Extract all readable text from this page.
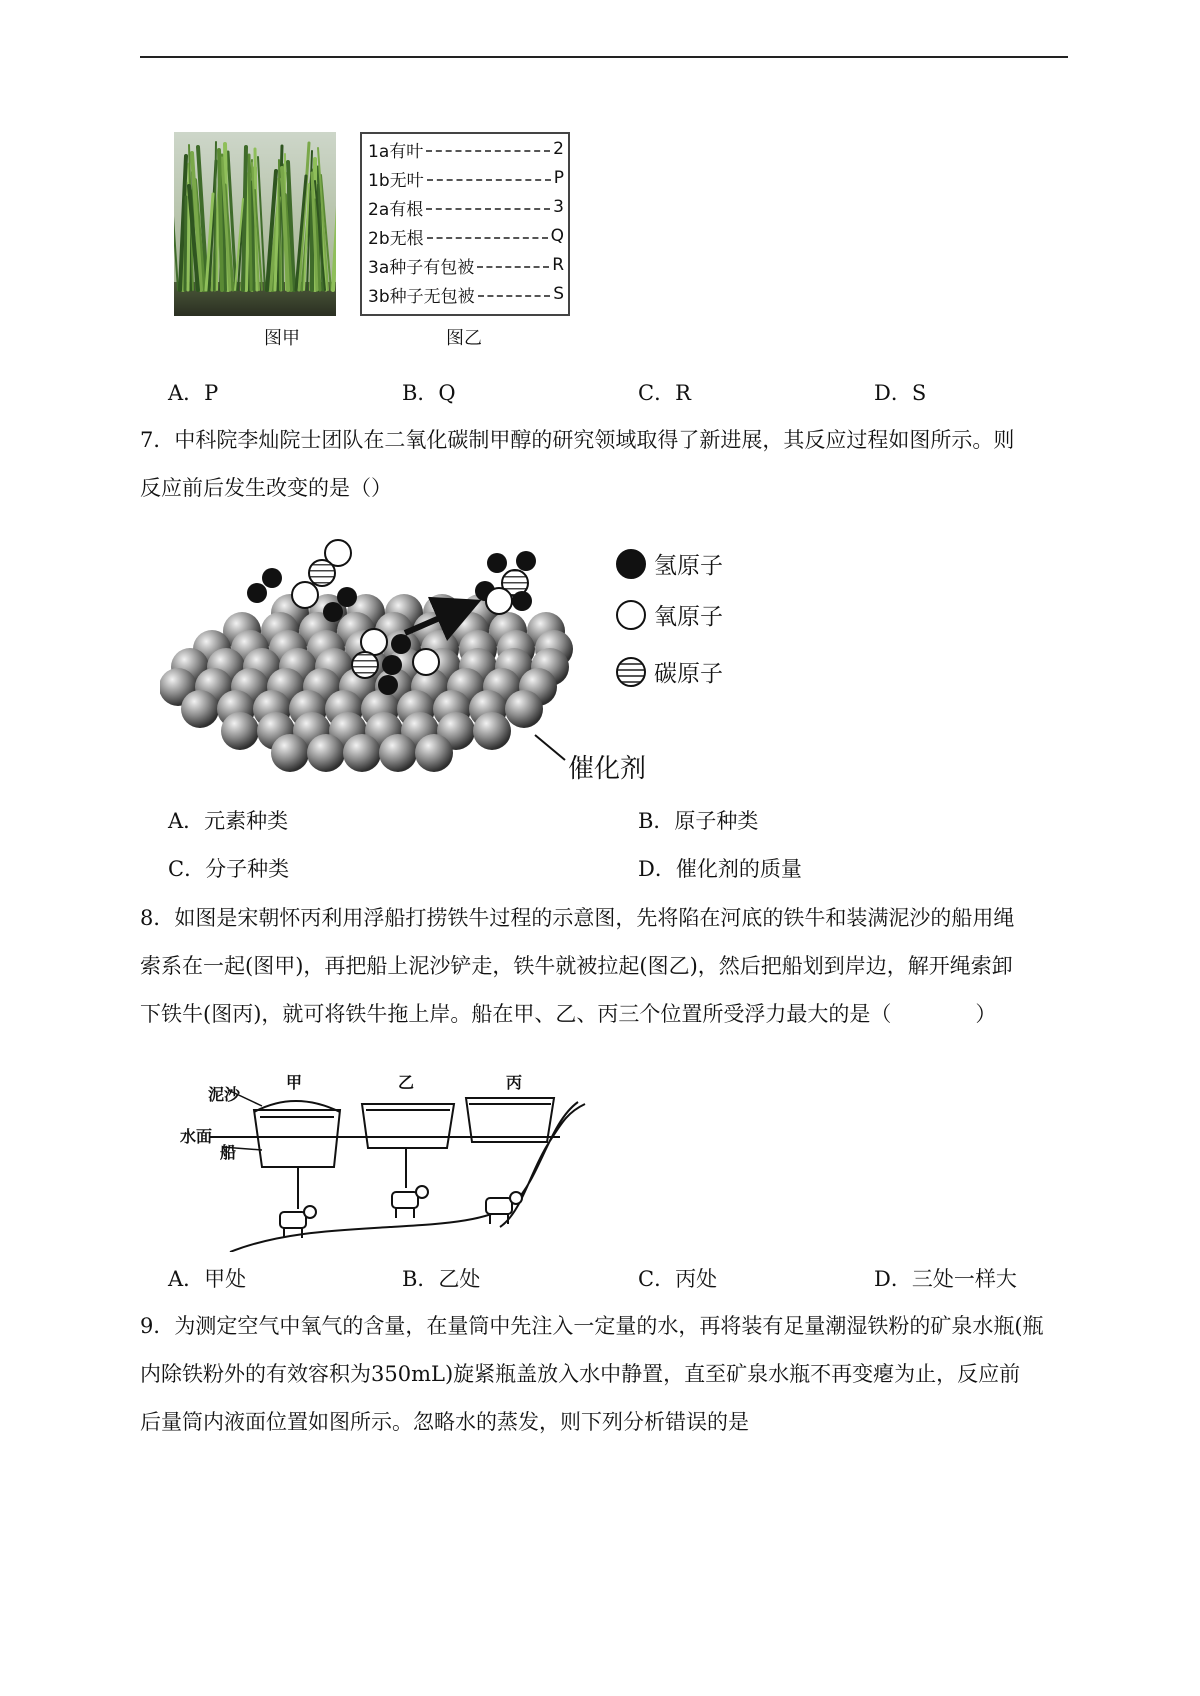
图甲
1a有叶	2
1b无叶	P
2a有根	3
2b无根	Q
3a种子有包被	R
3b种子无包被	S
图乙
A．P	B．Q	C．R	D．S

7．中科院李灿院士团队在二氧化碳制甲醇的研究领域取得了新进展，其反应过程如图所示。则

反应前后发生改变的是（）

催化剂
氢原子
氧原子
碳原子
A．元素种类	B．原子种类
C．分子种类	D．催化剂的质量

8．如图是宋朝怀丙利用浮船打捞铁牛过程的示意图，先将陷在河底的铁牛和装满泥沙的船用绳

索系在一起(图甲)，再把船上泥沙铲走，铁牛就被拉起(图乙)，然后把船划到岸边，解开绳索卸

下铁牛(图丙)，就可将铁牛拖上岸。船在甲、乙、丙三个位置所受浮力最大的是（　　　　）

泥沙
水面
船
甲	乙	丙
A．甲处	B．乙处	C．丙处	D．三处一样大

9．为测定空气中氧气的含量，在量筒中先注入一定量的水，再将装有足量潮湿铁粉的矿泉水瓶(瓶

内除铁粉外的有效容积为350mL)旋紧瓶盖放入水中静置，直至矿泉水瓶不再变瘪为止，反应前

后量筒内液面位置如图所示。忽略水的蒸发，则下列分析错误的是
